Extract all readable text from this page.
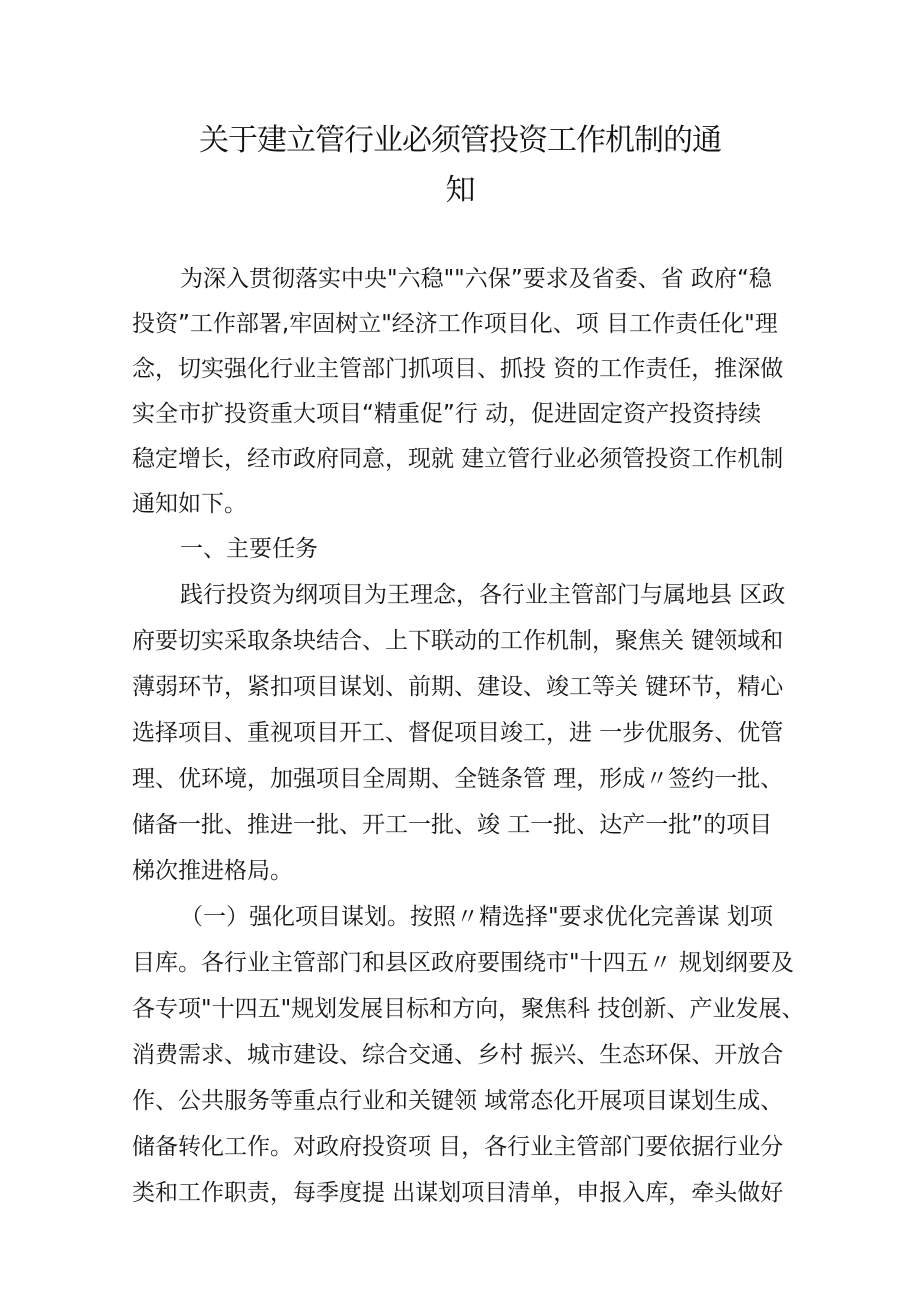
关于建立管行业必须管投资工作机制的通
知
为深入贯彻落实中央"六稳""六保”要求及省委、省 政府“稳
投资”工作部署,牢固树立"经济工作项目化、项 目工作责任化"理
念，切实强化行业主管部门抓项目、抓投 资的工作责任，推深做
实全市扩投资重大项目“精重促”行 动，促进固定资产投资持续
稳定增长，经市政府同意，现就 建立管行业必须管投资工作机制
通知如下。
一、主要任务
践行投资为纲项目为王理念，各行业主管部门与属地县 区政
府要切实采取条块结合、上下联动的工作机制，聚焦关 键领域和
薄弱环节，紧扣项目谋划、前期、建设、竣工等关 键环节，精心
选择项目、重视项目开工、督促项目竣工，进 一步优服务、优管
理、优环境，加强项目全周期、全链条管 理，形成〃签约一批、
储备一批、推进一批、开工一批、竣 工一批、达产一批”的项目
梯次推进格局。
（一）强化项目谋划。按照〃精选择"要求优化完善谋 划项
目库。各行业主管部门和县区政府要围绕市"十四五〃 规划纲要及
各专项"十四五"规划发展目标和方向，聚焦科 技创新、产业发展、
消费需求、城市建设、综合交通、乡村 振兴、生态环保、开放合
作、公共服务等重点行业和关键领 域常态化开展项目谋划生成、
储备转化工作。对政府投资项 目，各行业主管部门要依据行业分
类和工作职责，每季度提 出谋划项目清单，申报入库，牵头做好
